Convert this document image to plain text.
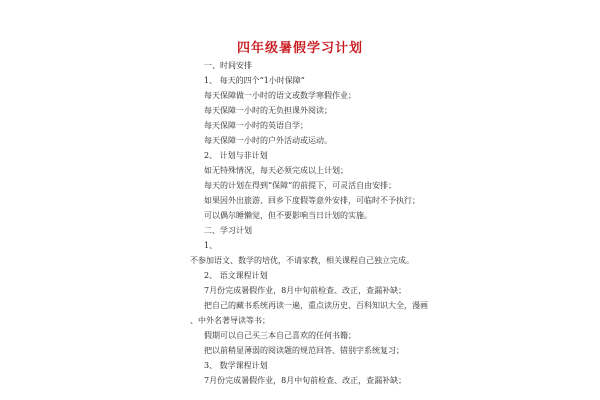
四年级暑假学习计划
一、时间安排
1、 每天的四个“1小时保障”
每天保障做一小时的语文或数学寒假作业；
每天保障一小时的无负担课外阅读；
每天保障一小时的英语自学；
每天保障一小时的户外活动或运动。
2、 计划与非计划
如无特殊情况，每天必须完成以上计划；
每天的计划在得到“保障”的前提下，可灵活自由安排；
如果因外出旅游、回乡下度假等意外安排，可临时不予执行；
可以偶尔睡懒觉，但不要影响当日计划的实施。
二、学习计划
1、
不参加语文、数学的培优，不请家教，相关课程自己独立完成。
2、 语文课程计划
7月份完成暑假作业，8月中旬前检查、改正，查漏补缺；
把自己的藏书系统再读一遍，重点读历史、百科知识大全，漫画
、中外名著导读等书；
假期可以自己买三本自己喜欢的任何书籍；
把以前稍显薄弱的阅读题的规范回答、错别字系统复习；
3、 数学课程计划
7月份完成暑假作业，8月中旬前检查、改正，查漏补缺；
